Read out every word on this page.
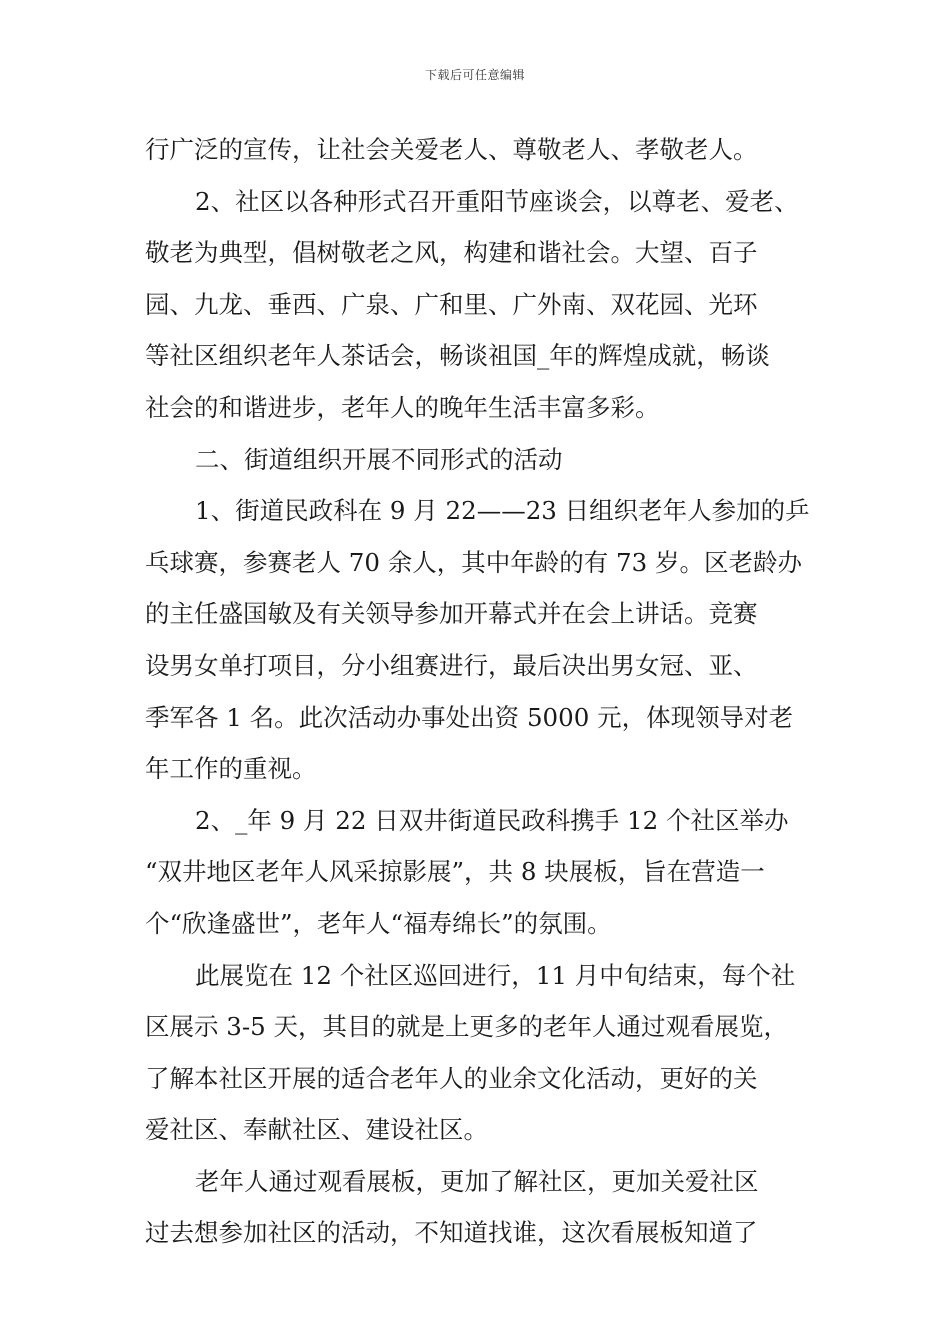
下载后可任意编辑
行广泛的宣传，让社会关爱老人、尊敬老人、孝敬老人。
2、社区以各种形式召开重阳节座谈会，以尊老、爱老、
敬老为典型，倡树敬老之风，构建和谐社会。大望、百子
园、九龙、垂西、广泉、广和里、广外南、双花园、光环
等社区组织老年人茶话会，畅谈祖国_年的辉煌成就，畅谈
社会的和谐进步，老年人的晚年生活丰富多彩。
二、街道组织开展不同形式的活动
1、街道民政科在 9 月 22——23 日组织老年人参加的乒
乓球赛，参赛老人 70 余人，其中年龄的有 73 岁。区老龄办
的主任盛国敏及有关领导参加开幕式并在会上讲话。竞赛
设男女单打项目，分小组赛进行，最后决出男女冠、亚、
季军各 1 名。此次活动办事处出资 5000 元，体现领导对老
年工作的重视。
2、_年 9 月 22 日双井街道民政科携手 12 个社区举办
“双井地区老年人风采掠影展”，共 8 块展板，旨在营造一
个“欣逢盛世”，老年人“福寿绵长”的氛围。
此展览在 12 个社区巡回进行，11 月中旬结束，每个社
区展示 3-5 天，其目的就是上更多的老年人通过观看展览，
了解本社区开展的适合老年人的业余文化活动，更好的关
爱社区、奉献社区、建设社区。
老年人通过观看展板，更加了解社区，更加关爱社区
过去想参加社区的活动，不知道找谁，这次看展板知道了
